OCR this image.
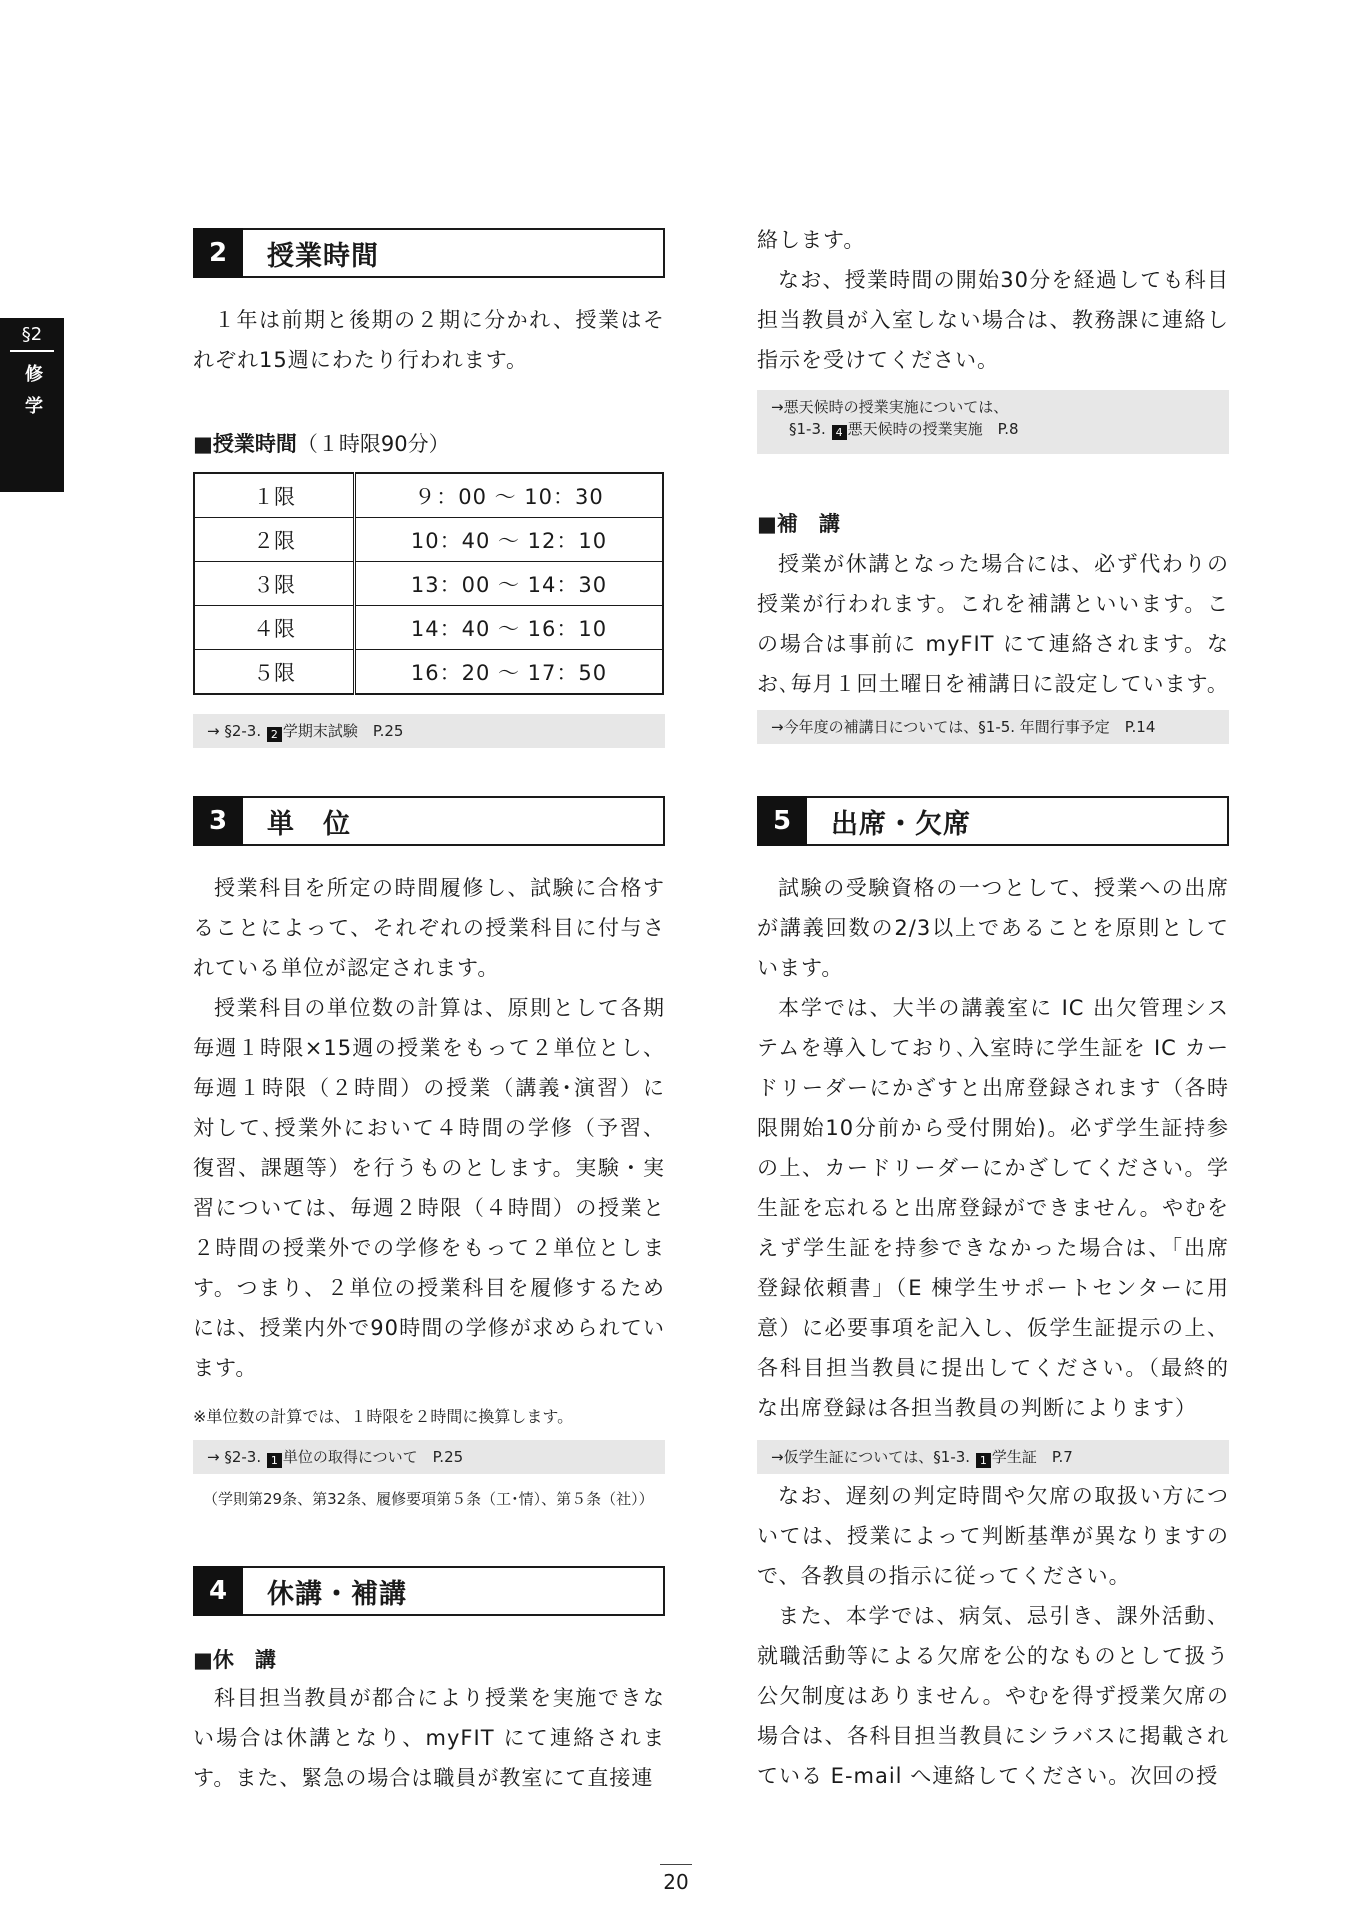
§2
修学
2	授業時間
１年は前期と後期の２期に分かれ、授業はそれぞれ15週にわたり行われます。
■授業時間（１時限90分）
１限	９：00 〜 10：30
２限	10：40 〜 12：10
３限	13：00 〜 14：30
４限	14：40 〜 16：10
５限	16：20 〜 17：50
→ §2-3. 2 学期末試験　P.25
3	単　位
授業科目を所定の時間履修し、試験に合格することによって、それぞれの授業科目に付与されている単位が認定されます。
授業科目の単位数の計算は、原則として各期毎週１時限×15週の授業をもって２単位とし、毎週１時限（２時間）の授業（講義･演習）に対して､授業外において４時間の学修（予習、復習、課題等）を行うものとします。実験・実習については、毎週２時限（４時間）の授業と２時間の授業外での学修をもって２単位とします。つまり、２単位の授業科目を履修するためには、授業内外で90時間の学修が求められています。
※単位数の計算では、１時限を２時間に換算します。
→ §2-3. 1 単位の取得について　P.25
（学則第29条、第32条、履修要項第５条（工･情）、第５条（社））
4	休講・補講
■休　講
科目担当教員が都合により授業を実施できない場合は休講となり、myFIT にて連絡されます。また、緊急の場合は職員が教室にて直接連
絡します。
なお、授業時間の開始30分を経過しても科目担当教員が入室しない場合は、教務課に連絡し指示を受けてください。
→悪天候時の授業実施については、
§1-3. 4 悪天候時の授業実施　P.8
■補　講
授業が休講となった場合には、必ず代わりの授業が行われます。これを補講といいます。この場合は事前に myFIT にて連絡されます。なお､毎月１回土曜日を補講日に設定しています。
→今年度の補講日については、§1-5. 年間行事予定　P.14
5	出席・欠席
試験の受験資格の一つとして、授業への出席が講義回数の2/3以上であることを原則としています。
本学では、大半の講義室に IC 出欠管理システムを導入しており､入室時に学生証を IC カードリーダーにかざすと出席登録されます（各時限開始10分前から受付開始)。必ず学生証持参の上、カードリーダーにかざしてください。学生証を忘れると出席登録ができません。やむをえず学生証を持参できなかった場合は、「出席登録依頼書」（E 棟学生サポートセンターに用意）に必要事項を記入し、仮学生証提示の上、各科目担当教員に提出してください。（最終的な出席登録は各担当教員の判断によります）
→仮学生証については、§1-3. 1 学生証　P.7
なお、遅刻の判定時間や欠席の取扱い方については、授業によって判断基準が異なりますので、各教員の指示に従ってください。
また、本学では、病気、忌引き、課外活動、就職活動等による欠席を公的なものとして扱う公欠制度はありません。やむを得ず授業欠席の場合は、各科目担当教員にシラバスに掲載されている E-mail へ連絡してください。次回の授
20
